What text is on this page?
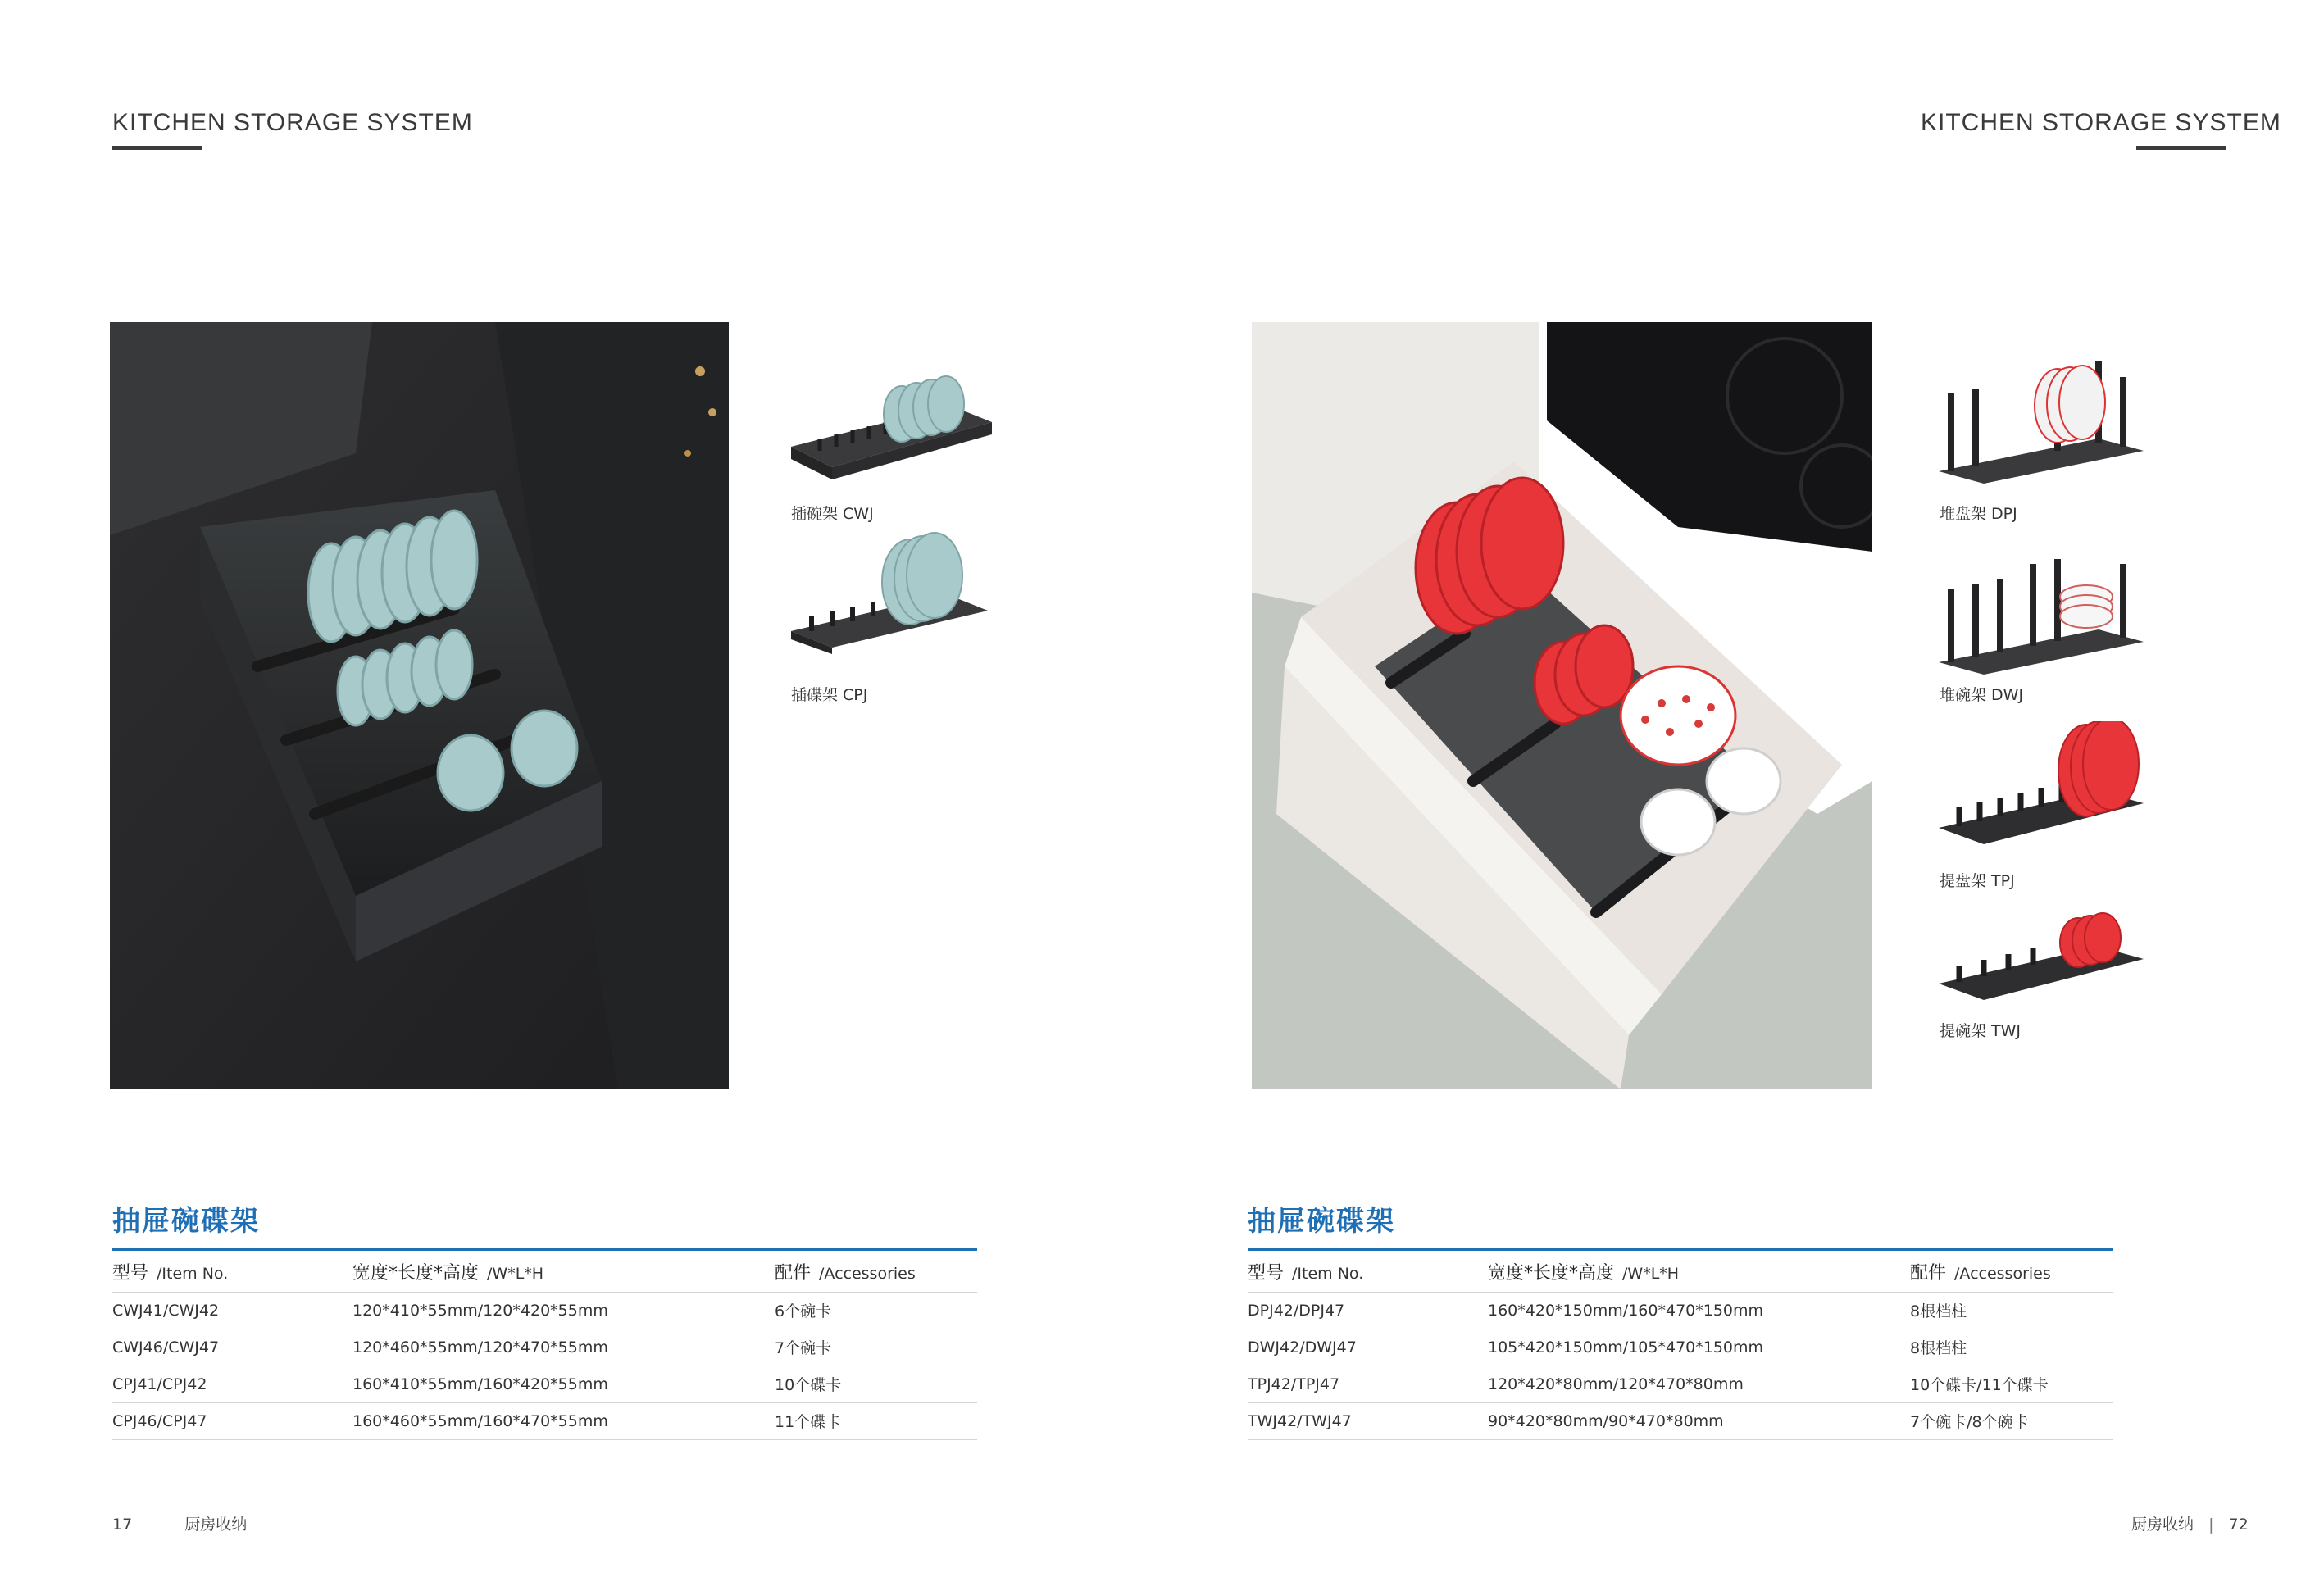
KITCHEN STORAGE SYSTEM	KITCHEN STORAGE SYSTEM
插碗架 CWJ
插碟架 CPJ
堆盘架 DPJ
堆碗架 DWJ
提盘架 TPJ
提碗架 TWJ
抽屉碗碟架
型号 /Item No.	宽度*长度*高度 /W*L*H	配件 /Accessories
CWJ41/CWJ42	120*410*55mm/120*420*55mm	6个碗卡
CWJ46/CWJ47	120*460*55mm/120*470*55mm	7个碗卡
CPJ41/CPJ42	160*410*55mm/160*420*55mm	10个碟卡
CPJ46/CPJ47	160*460*55mm/160*470*55mm	11个碟卡
抽屉碗碟架
型号 /Item No.	宽度*长度*高度 /W*L*H	配件 /Accessories
DPJ42/DPJ47	160*420*150mm/160*470*150mm	8根档柱
DWJ42/DWJ47	105*420*150mm/105*470*150mm	8根档柱
TPJ42/TPJ47	120*420*80mm/120*470*80mm	10个碟卡/11个碟卡
TWJ42/TWJ47	90*420*80mm/90*470*80mm	7个碗卡/8个碗卡
17	厨房收纳	厨房收纳 | 72
